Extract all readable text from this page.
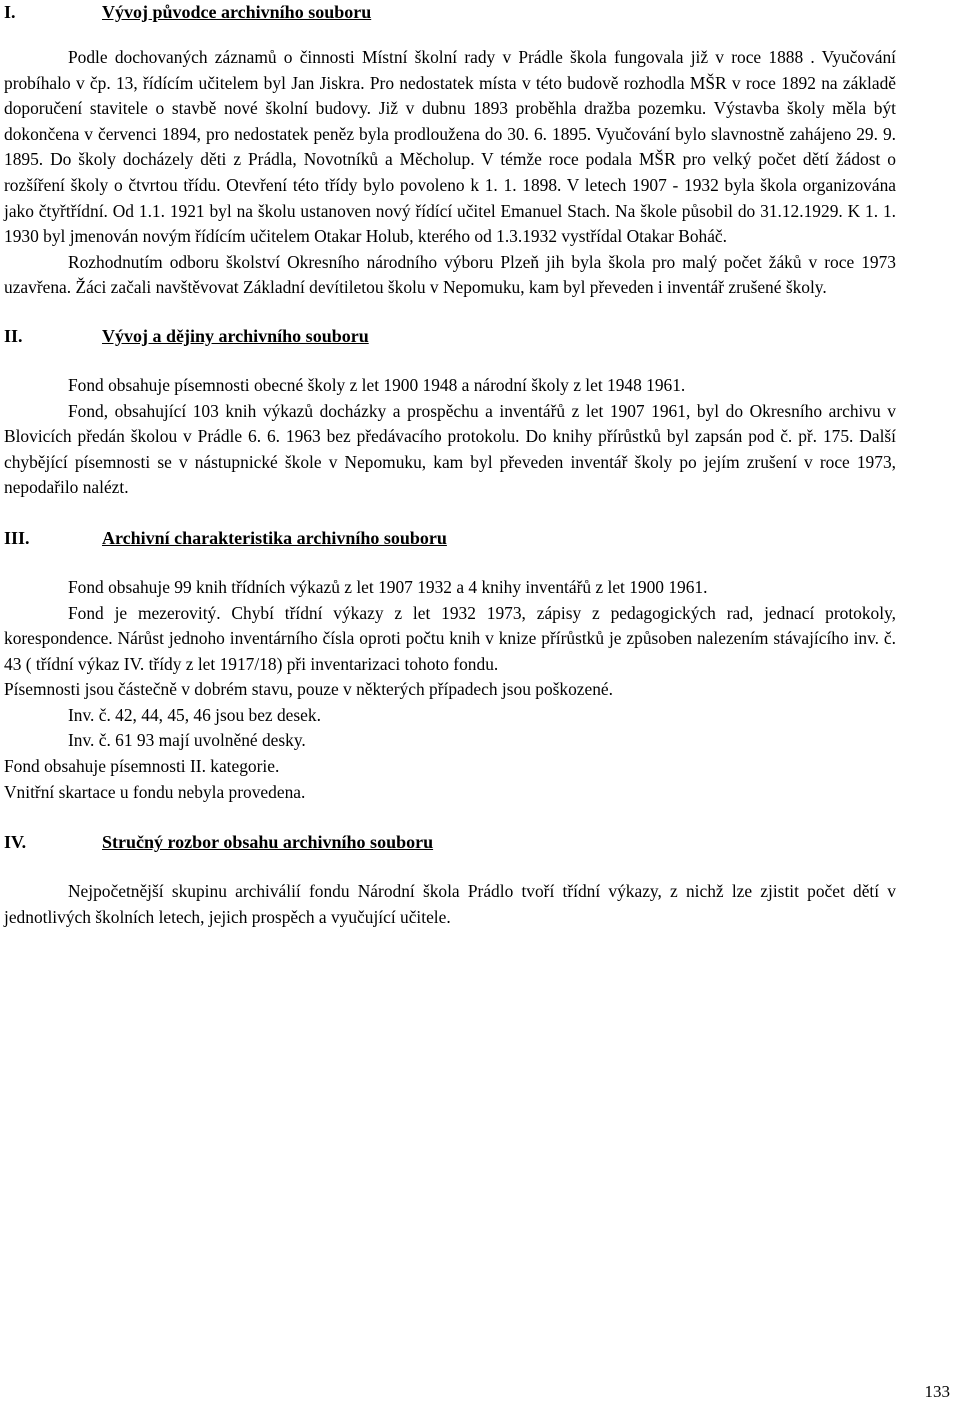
I.	Vývoj původce archivního souboru

Podle dochovaných záznamů o činnosti Místní školní rady v Prádle škola fungovala již v roce 1888 . Vyučování probíhalo v čp. 13, řídícím učitelem byl Jan Jiskra. Pro nedostatek místa v této budově rozhodla MŠR v roce 1892 na základě doporučení stavitele o stavbě nové školní budovy. Již v dubnu 1893 proběhla dražba pozemku. Výstavba školy měla být dokončena v červenci 1894, pro nedostatek peněz byla prodloužena do 30. 6. 1895. Vyučování bylo slavnostně zahájeno 29. 9. 1895. Do školy docházely děti z Prádla, Novotníků a Měcholup. V témže roce podala MŠR pro velký počet dětí žádost o rozšíření školy o čtvrtou třídu. Otevření této třídy bylo povoleno k 1. 1. 1898. V letech 1907 - 1932 byla škola organizována jako čtyřtřídní. Od 1.1. 1921 byl na školu ustanoven nový řídící učitel Emanuel Stach. Na škole působil do 31.12.1929. K 1. 1. 1930 byl jmenován novým řídícím učitelem Otakar Holub, kterého od 1.3.1932 vystřídal Otakar Boháč.

Rozhodnutím odboru školství Okresního národního výboru Plzeň jih byla škola pro malý počet žáků v roce 1973 uzavřena. Žáci začali navštěvovat Základní devítiletou školu v Nepomuku, kam byl převeden i inventář zrušené školy.

II.	Vývoj a dějiny archivního souboru

Fond obsahuje písemnosti obecné školy z let 1900 1948 a národní školy z let 1948 1961.

Fond, obsahující 103 knih výkazů docházky a prospěchu a inventářů z let 1907 1961, byl do Okresního archivu v Blovicích předán školou v Prádle 6. 6. 1963 bez předávacího protokolu. Do knihy přírůstků byl zapsán pod č. př. 175. Další chybějící písemnosti se v nástupnické škole v Nepomuku, kam byl převeden inventář školy po jejím zrušení v roce 1973, nepodařilo nalézt.

III.	Archivní charakteristika archivního souboru

Fond obsahuje 99 knih třídních výkazů z let 1907 1932 a 4 knihy inventářů z let 1900 1961.

Fond je mezerovitý. Chybí třídní výkazy z let 1932 1973, zápisy z pedagogických rad, jednací protokoly, korespondence. Nárůst jednoho inventárního čísla oproti počtu knih v knize přírůstků je způsoben nalezením stávajícího inv. č. 43 ( třídní výkaz IV. třídy z let 1917/18) při inventarizaci tohoto fondu.

Písemnosti jsou částečně v dobrém stavu, pouze v některých případech jsou poškozené.

Inv. č. 42, 44, 45, 46 jsou bez desek.

Inv. č. 61 93 mají uvolněné desky.

Fond obsahuje písemnosti II. kategorie.

Vnitřní skartace u fondu nebyla provedena.

IV.	Stručný rozbor obsahu archivního souboru

Nejpočetnější skupinu archiválií fondu Národní škola Prádlo tvoří třídní výkazy, z nichž lze zjistit počet dětí v jednotlivých školních letech, jejich prospěch a vyučující učitele.

133
